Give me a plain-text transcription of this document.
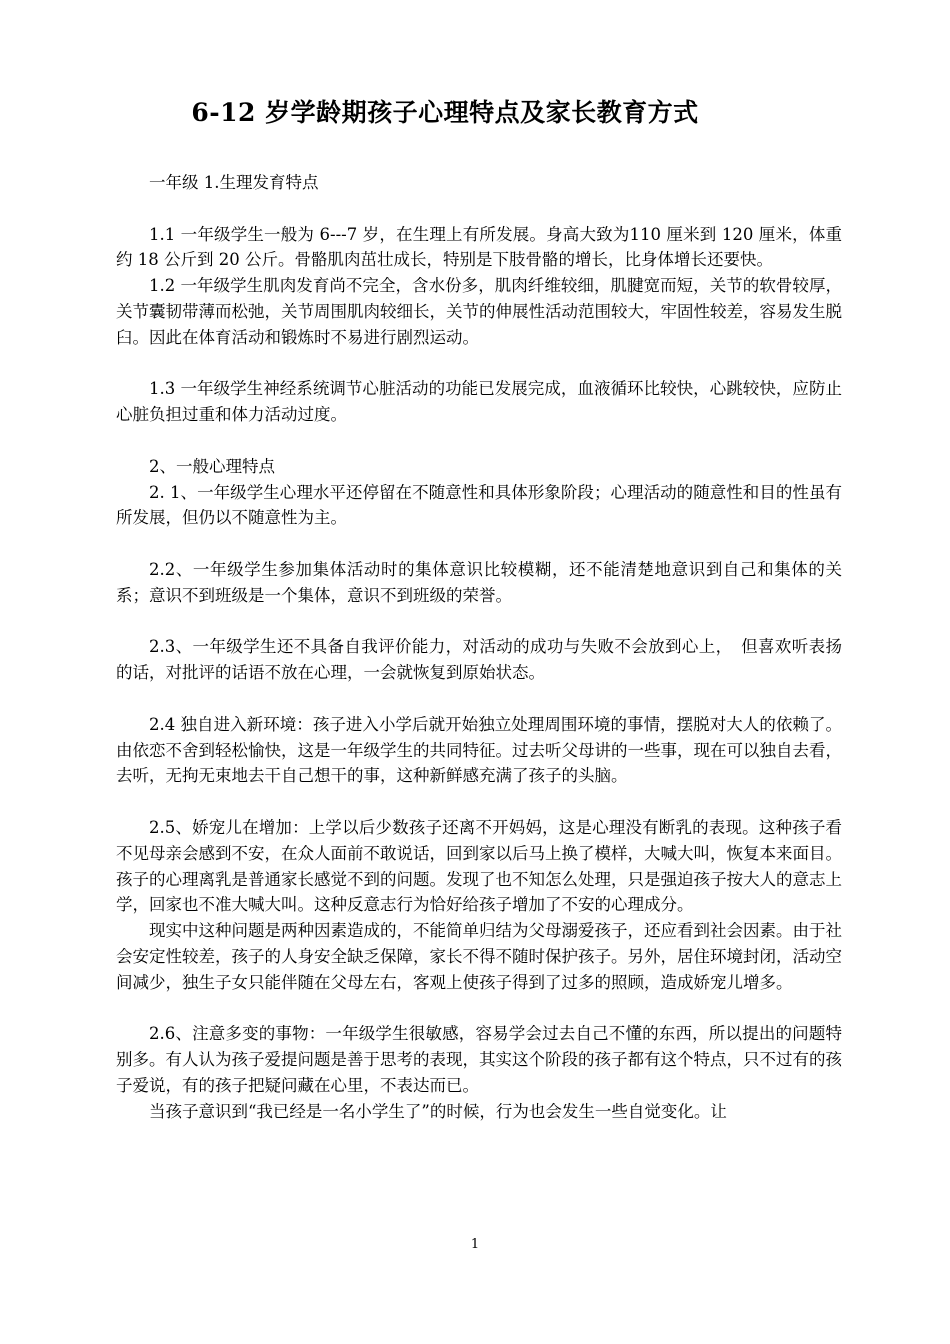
6-12 岁学龄期孩子心理特点及家长教育方式

一年级 1.生理发育特点

1.1 一年级学生一般为 6---7 岁，在生理上有所发展。身高大致为110 厘米到 120 厘米，体重约 18 公斤到 20 公斤。骨骼肌肉茁壮成长，特别是下肢骨骼的增长，比身体增长还要快。

1.2 一年级学生肌肉发育尚不完全，含水份多，肌肉纤维较细，肌腱宽而短，关节的软骨较厚，关节囊韧带薄而松弛，关节周围肌肉较细长，关节的伸展性活动范围较大，牢固性较差，容易发生脱臼。因此在体育活动和锻炼时不易进行剧烈运动。

1.3 一年级学生神经系统调节心脏活动的功能已发展完成，血液循环比较快，心跳较快，应防止心脏负担过重和体力活动过度。

2、一般心理特点

2. 1、一年级学生心理水平还停留在不随意性和具体形象阶段；心理活动的随意性和目的性虽有所发展，但仍以不随意性为主。

2.2、一年级学生参加集体活动时的集体意识比较模糊，还不能清楚地意识到自己和集体的关系；意识不到班级是一个集体，意识不到班级的荣誉。

2.3、一年级学生还不具备自我评价能力，对活动的成功与失败不会放到心上，　但喜欢听表扬的话，对批评的话语不放在心理，一会就恢复到原始状态。

2.4 独自进入新环境：孩子进入小学后就开始独立处理周围环境的事情，摆脱对大人的依赖了。由依恋不舍到轻松愉快，这是一年级学生的共同特征。过去听父母讲的一些事，现在可以独自去看，去听，无拘无束地去干自己想干的事，这种新鲜感充满了孩子的头脑。

2.5、娇宠儿在增加：上学以后少数孩子还离不开妈妈，这是心理没有断乳的表现。这种孩子看不见母亲会感到不安，在众人面前不敢说话，回到家以后马上换了模样，大喊大叫，恢复本来面目。孩子的心理离乳是普通家长感觉不到的问题。发现了也不知怎么处理，只是强迫孩子按大人的意志上学，回家也不准大喊大叫。这种反意志行为恰好给孩子增加了不安的心理成分。

现实中这种问题是两种因素造成的，不能简单归结为父母溺爱孩子，还应看到社会因素。由于社会安定性较差，孩子的人身安全缺乏保障，家长不得不随时保护孩子。另外，居住环境封闭，活动空间减少，独生子女只能伴随在父母左右，客观上使孩子得到了过多的照顾，造成娇宠儿增多。

2.6、注意多变的事物：一年级学生很敏感，容易学会过去自己不懂的东西，所以提出的问题特别多。有人认为孩子爱提问题是善于思考的表现，其实这个阶段的孩子都有这个特点，只不过有的孩子爱说，有的孩子把疑问藏在心里，不表达而已。

当孩子意识到“我已经是一名小学生了”的时候，行为也会发生一些自觉变化。让

1
